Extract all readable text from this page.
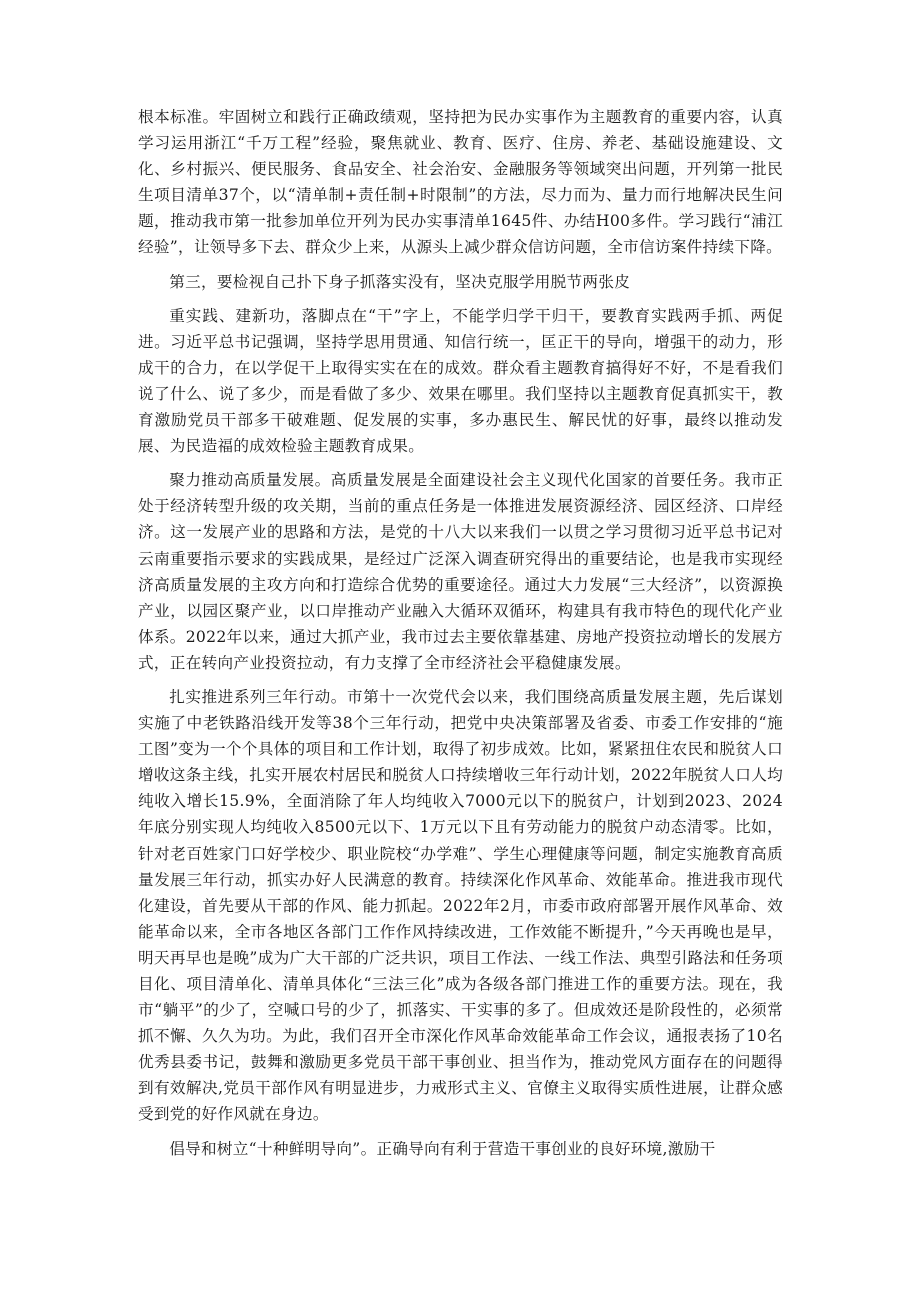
根本标准。牢固树立和践行正确政绩观，坚持把为民办实事作为主题教育的重要内容，认真学习运用浙江“千万工程”经验，聚焦就业、教育、医疗、住房、养老、基础设施建设、文化、乡村振兴、便民服务、食品安全、社会治安、金融服务等领域突出问题，开列第一批民生项目清单37个，以“清单制+责任制+时限制”的方法，尽力而为、量力而行地解决民生问题，推动我市第一批参加单位开列为民办实事清单1645件、办结H00多件。学习践行“浦江经验”，让领导多下去、群众少上来，从源头上减少群众信访问题，全市信访案件持续下降。

第三，要检视自己扑下身子抓落实没有，坚决克服学用脱节两张皮

重实践、建新功，落脚点在“干”字上，不能学归学干归干，要教育实践两手抓、两促进。习近平总书记强调，坚持学思用贯通、知信行统一，匡正干的导向，增强干的动力，形成干的合力，在以学促干上取得实实在在的成效。群众看主题教育搞得好不好，不是看我们说了什么、说了多少，而是看做了多少、效果在哪里。我们坚持以主题教育促真抓实干，教育激励党员干部多干破难题、促发展的实事，多办惠民生、解民忧的好事，最终以推动发展、为民造福的成效检验主题教育成果。

聚力推动高质量发展。高质量发展是全面建设社会主义现代化国家的首要任务。我市正处于经济转型升级的攻关期，当前的重点任务是一体推进发展资源经济、园区经济、口岸经济。这一发展产业的思路和方法，是党的十八大以来我们一以贯之学习贯彻习近平总书记对云南重要指示要求的实践成果，是经过广泛深入调查研究得出的重要结论，也是我市实现经济高质量发展的主攻方向和打造综合优势的重要途径。通过大力发展“三大经济”，以资源换产业，以园区聚产业，以口岸推动产业融入大循环双循环，构建具有我市特色的现代化产业体系。2022年以来，通过大抓产业，我市过去主要依靠基建、房地产投资拉动增长的发展方式，正在转向产业投资拉动，有力支撑了全市经济社会平稳健康发展。

扎实推进系列三年行动。市第十一次党代会以来，我们围绕高质量发展主题，先后谋划实施了中老铁路沿线开发等38个三年行动，把党中央决策部署及省委、市委工作安排的“施工图”变为一个个具体的项目和工作计划，取得了初步成效。比如，紧紧扭住农民和脱贫人口增收这条主线，扎实开展农村居民和脱贫人口持续增收三年行动计划，2022年脱贫人口人均纯收入增长15.9%，全面消除了年人均纯收入7000元以下的脱贫户，计划到2023、2024年底分别实现人均纯收入8500元以下、1万元以下且有劳动能力的脱贫户动态清零。比如，针对老百姓家门口好学校少、职业院校“办学难”、学生心理健康等问题，制定实施教育高质量发展三年行动，抓实办好人民满意的教育。持续深化作风革命、效能革命。推进我市现代化建设，首先要从干部的作风、能力抓起。2022年2月，市委市政府部署开展作风革命、效能革命以来，全市各地区各部门工作作风持续改进，工作效能不断提升，”今天再晚也是早，明天再早也是晚”成为广大干部的广泛共识，项目工作法、一线工作法、典型引路法和任务项目化、项目清单化、清单具体化“三法三化”成为各级各部门推进工作的重要方法。现在，我市“躺平”的少了，空喊口号的少了，抓落实、干实事的多了。但成效还是阶段性的，必须常抓不懈、久久为功。为此，我们召开全市深化作风革命效能革命工作会议，通报表扬了10名优秀县委书记，鼓舞和激励更多党员干部干事创业、担当作为，推动党风方面存在的问题得到有效解决,党员干部作风有明显进步，力戒形式主义、官僚主义取得实质性进展，让群众感受到党的好作风就在身边。

倡导和树立“十种鲜明导向”。正确导向有利于营造干事创业的良好环境,激励干
